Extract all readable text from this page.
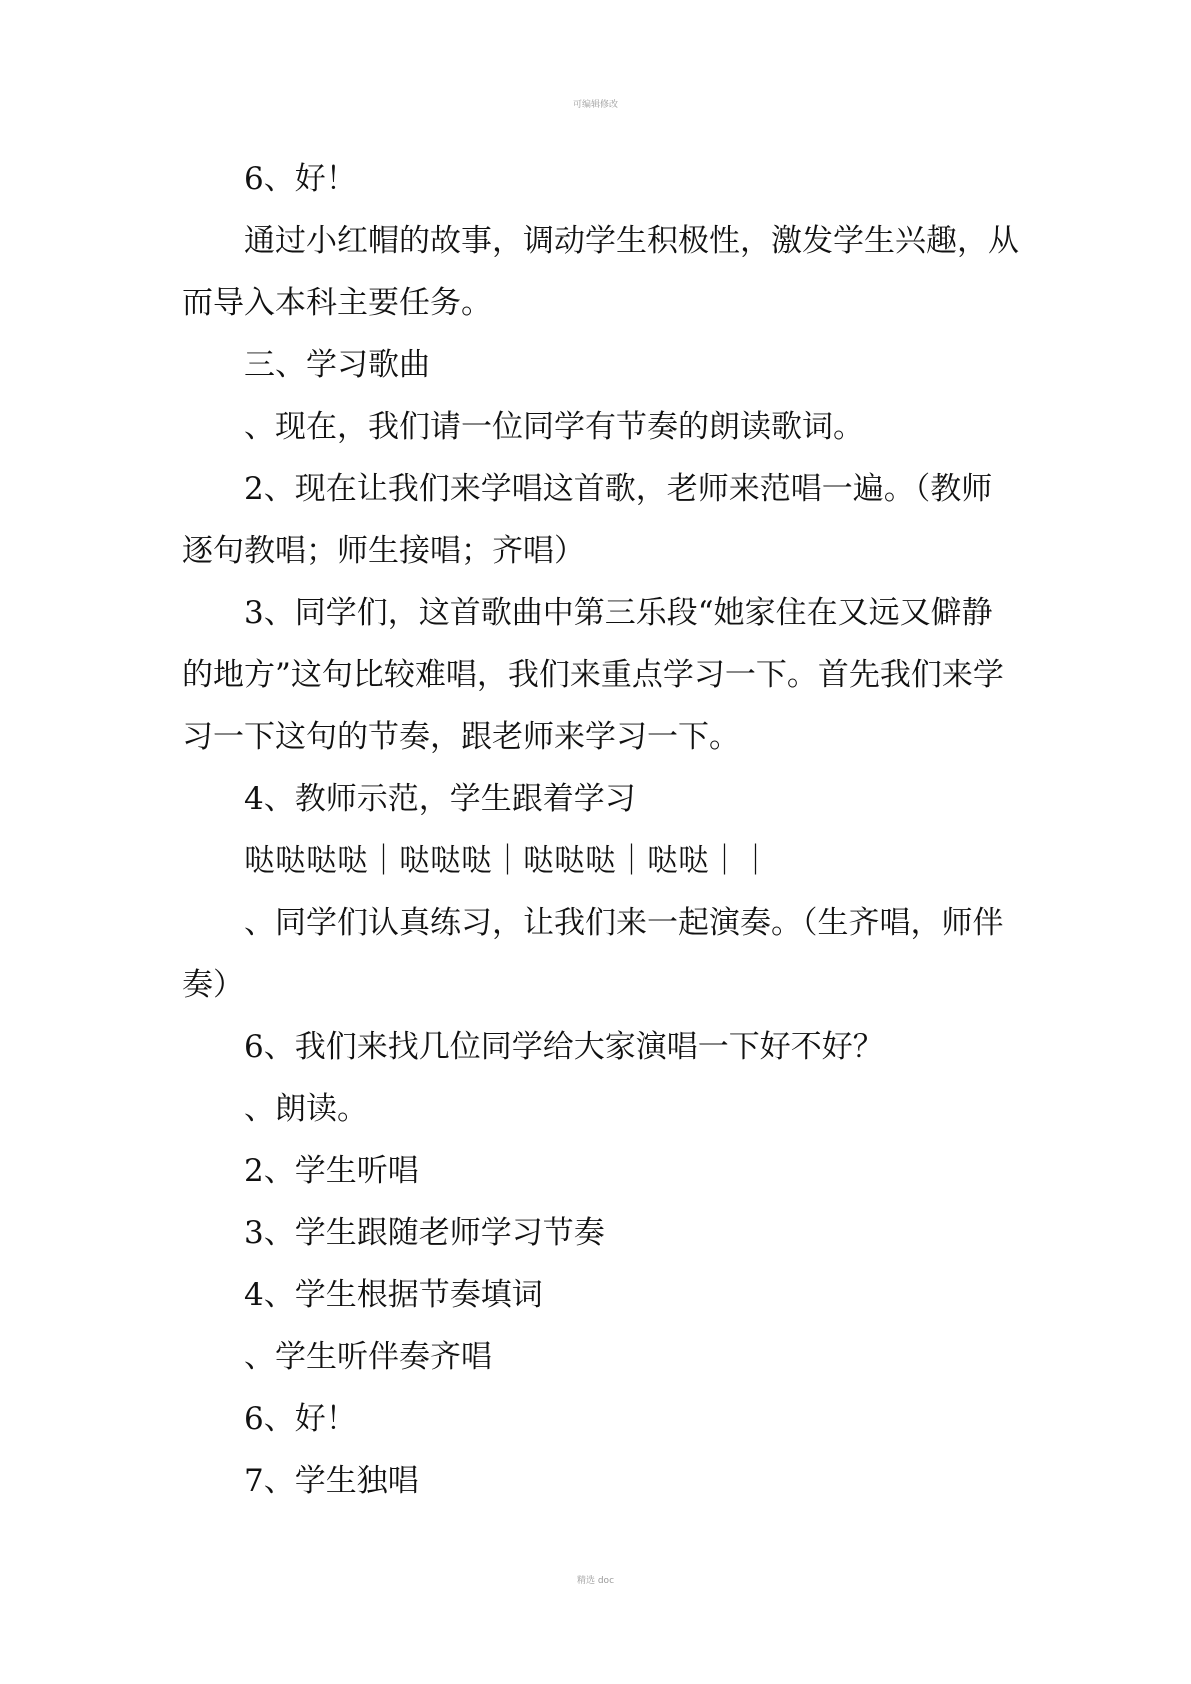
可编辑修改

6、好！

通过小红帽的故事，调动学生积极性，激发学生兴趣，从而导入本科主要任务。

三、学习歌曲

、现在，我们请一位同学有节奏的朗读歌词。

2、现在让我们来学唱这首歌，老师来范唱一遍。（教师逐句教唱；师生接唱；齐唱）

3、同学们，这首歌曲中第三乐段“她家住在又远又僻静的地方”这句比较难唱，我们来重点学习一下。首先我们来学习一下这句的节奏，跟老师来学习一下。

4、教师示范，学生跟着学习

哒哒哒哒｜哒哒哒｜哒哒哒｜哒哒｜｜

、同学们认真练习，让我们来一起演奏。（生齐唱，师伴奏）

6、我们来找几位同学给大家演唱一下好不好？

、朗读。

2、学生听唱

3、学生跟随老师学习节奏

4、学生根据节奏填词

、学生听伴奏齐唱

6、好！

7、学生独唱

精选 doc
